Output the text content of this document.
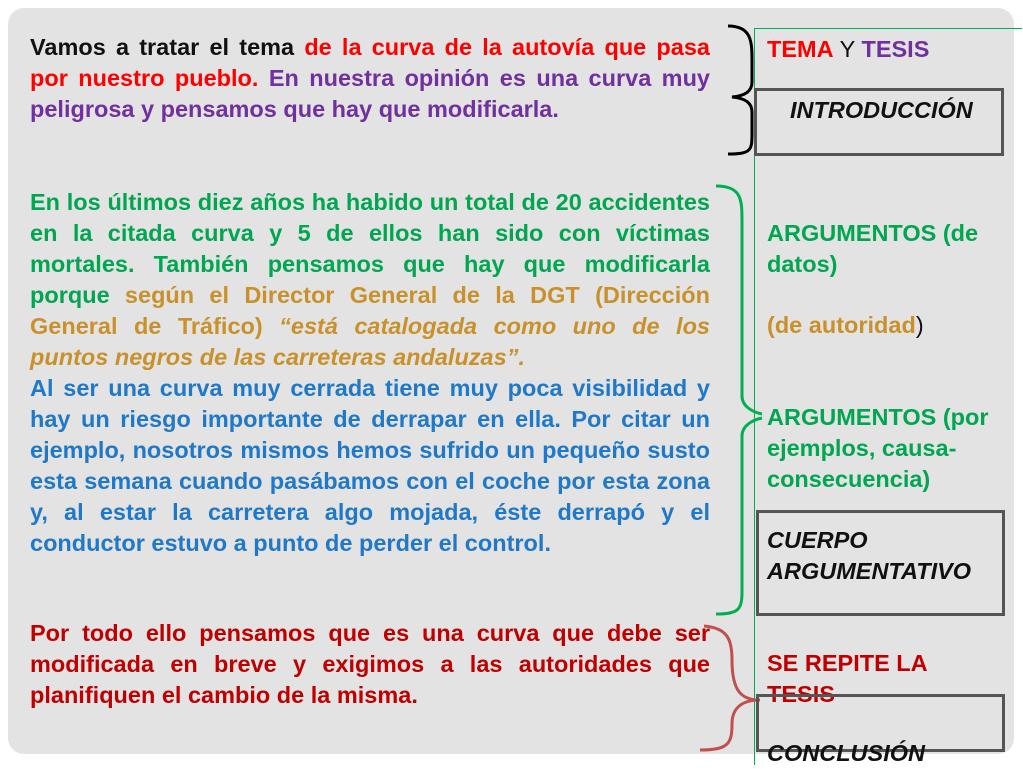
Vamos a tratar el tema de la curva de la autovía que pasa por nuestro pueblo. En nuestra opinión es una curva muy peligrosa y pensamos que hay que modificarla.

En los últimos diez años ha habido un total de 20 accidentes en la citada curva y 5 de ellos han sido con víctimas mortales. También pensamos que hay que modificarla porque según el Director General de la DGT (Dirección General de Tráfico) “está catalogada como uno de los puntos negros de las carreteras andaluzas”.
Al ser una curva muy cerrada tiene muy poca visibilidad y hay un riesgo importante de derrapar en ella. Por citar un ejemplo, nosotros mismos hemos sufrido un pequeño susto esta semana cuando pasábamos con el coche por esta zona y, al estar la carretera algo mojada, éste derrapó y el conductor estuvo a punto de perder el control.

Por todo ello pensamos que es una curva que debe ser modificada en breve y exigimos a las autoridades que planifiquen el cambio de la misma.

TEMA Y TESIS

INTRODUCCIÓN

ARGUMENTOS (de

datos)

(de autoridad)

ARGUMENTOS (por

ejemplos, causa-

consecuencia)

CUERPO
ARGUMENTATIVO

SE REPITE LA

TESIS

CONCLUSIÓN
